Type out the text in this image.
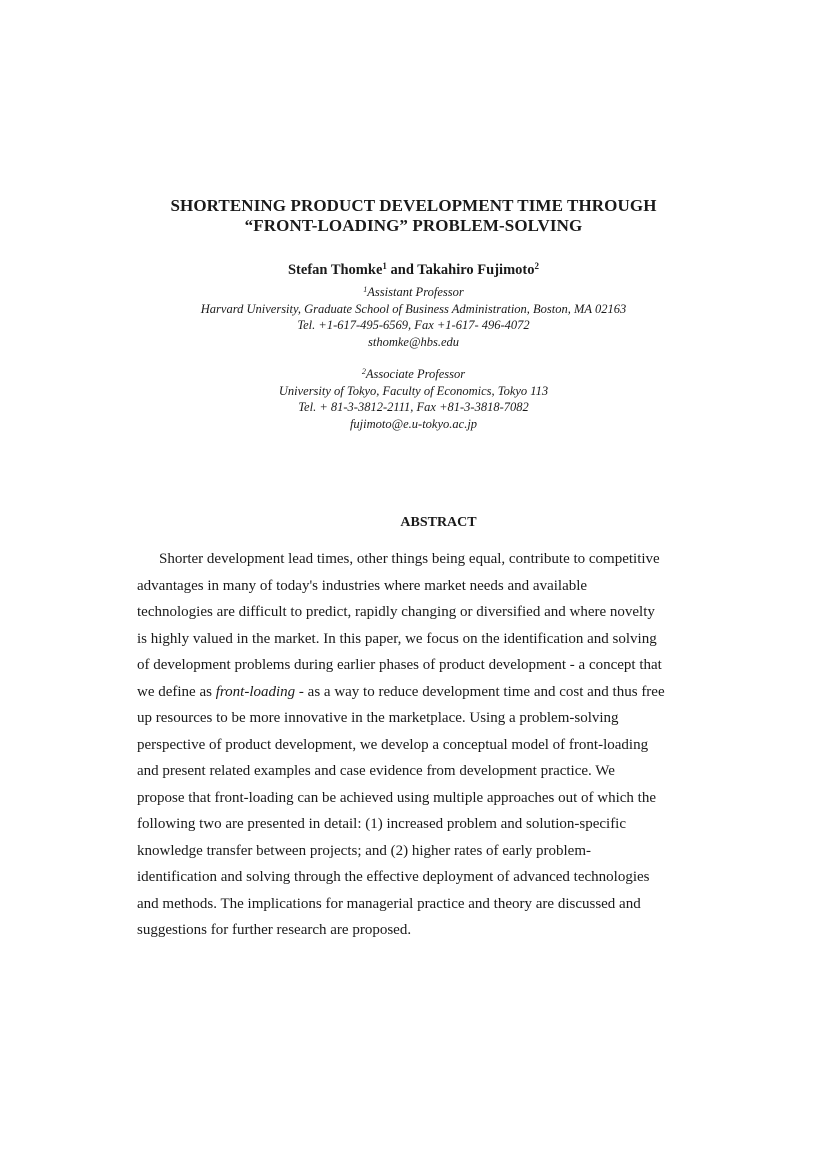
SHORTENING PRODUCT DEVELOPMENT TIME THROUGH
“FRONT-LOADING” PROBLEM-SOLVING
Stefan Thomke$^1$ and Takahiro Fujimoto$^2$
$^1$Assistant Professor
Harvard University, Graduate School of Business Administration, Boston, MA 02163
Tel. +1-617-495-6569, Fax +1-617- 496-4072
sthomke@hbs.edu
$^2$Associate Professor
University of Tokyo, Faculty of Economics, Tokyo 113
Tel. + 81-3-3812-2111, Fax +81-3-3818-7082
fujimoto@e.u-tokyo.ac.jp
ABSTRACT
Shorter development lead times, other things being equal, contribute to competitive
advantages in many of today's industries where market needs and available
technologies are difficult to predict, rapidly changing or diversified and where novelty
is highly valued in the market. In this paper, we focus on the identification and solving
of development problems during earlier phases of product development - a concept that
we define as front-loading - as a way to reduce development time and cost and thus free
up resources to be more innovative in the marketplace. Using a problem-solving
perspective of product development, we develop a conceptual model of front-loading
and present related examples and case evidence from development practice. We
propose that front-loading can be achieved using multiple approaches out of which the
following two are presented in detail: (1) increased problem and solution-specific
knowledge transfer between projects; and (2) higher rates of early problem-
identification and solving through the effective deployment of advanced technologies
and methods. The implications for managerial practice and theory are discussed and
suggestions for further research are proposed.
